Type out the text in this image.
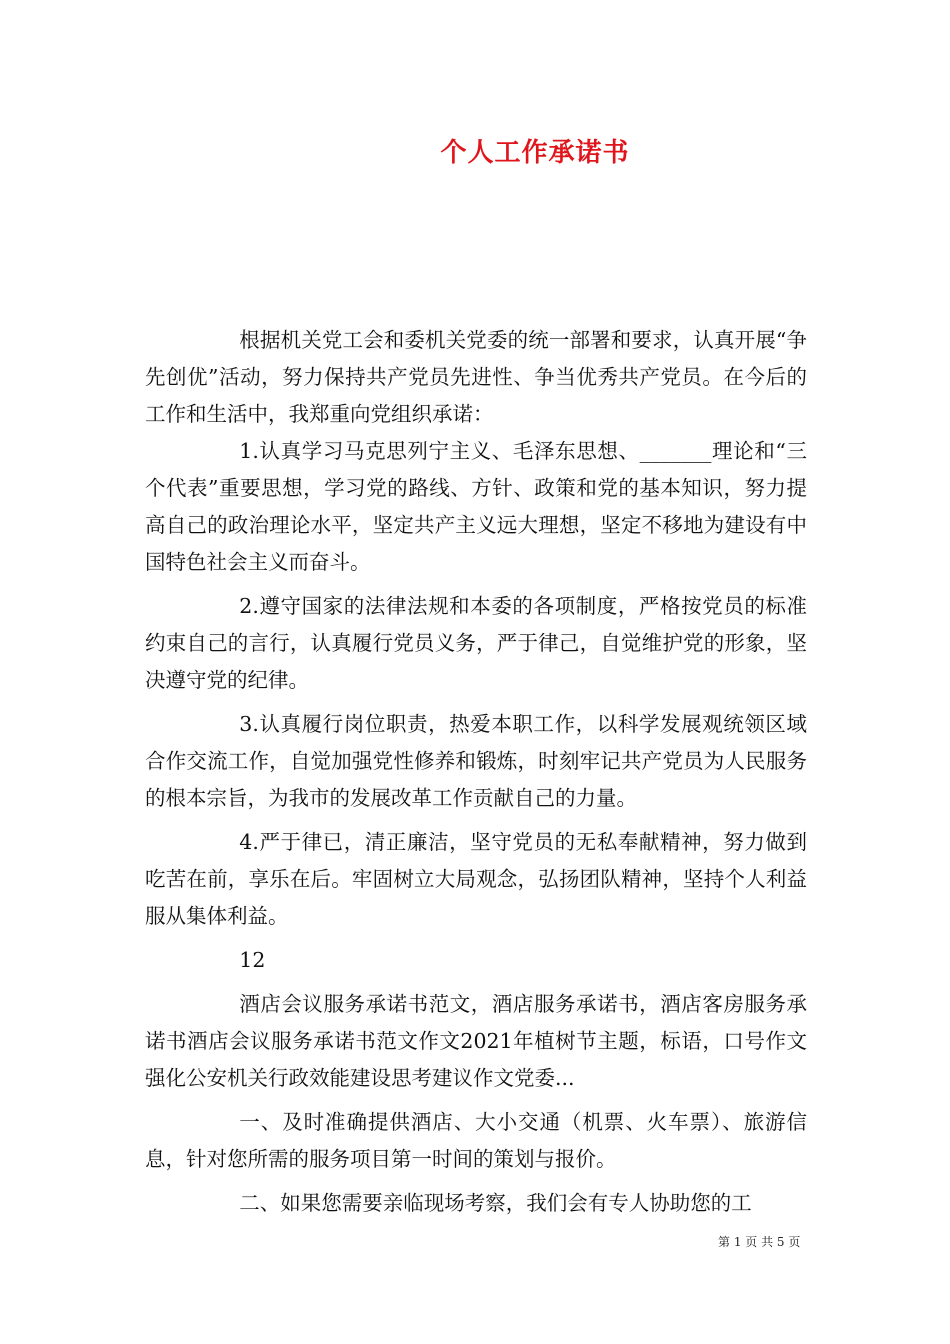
个人工作承诺书

根据机关党工会和委机关党委的统一部署和要求，认真开展“争先创优”活动，努力保持共产党员先进性、争当优秀共产党员。在今后的工作和生活中，我郑重向党组织承诺：

1.认真学习马克思列宁主义、毛泽东思想、_______理论和“三个代表”重要思想，学习党的路线、方针、政策和党的基本知识，努力提高自己的政治理论水平，坚定共产主义远大理想，坚定不移地为建设有中国特色社会主义而奋斗。

2.遵守国家的法律法规和本委的各项制度，严格按党员的标准约束自己的言行，认真履行党员义务，严于律己，自觉维护党的形象，坚决遵守党的纪律。

3.认真履行岗位职责，热爱本职工作，以科学发展观统领区域合作交流工作，自觉加强党性修养和锻炼，时刻牢记共产党员为人民服务的根本宗旨，为我市的发展改革工作贡献自己的力量。

4.严于律已，清正廉洁，坚守党员的无私奉献精神，努力做到吃苦在前，享乐在后。牢固树立大局观念，弘扬团队精神，坚持个人利益服从集体利益。

12

酒店会议服务承诺书范文，酒店服务承诺书，酒店客房服务承诺书酒店会议服务承诺书范文作文2021年植树节主题，标语，口号作文强化公安机关行政效能建设思考建议作文党委...

一、及时准确提供酒店、大小交通（机票、火车票）、旅游信息，针对您所需的服务项目第一时间的策划与报价。

二、如果您需要亲临现场考察，我们会有专人协助您的工

第 1 页 共 5 页
